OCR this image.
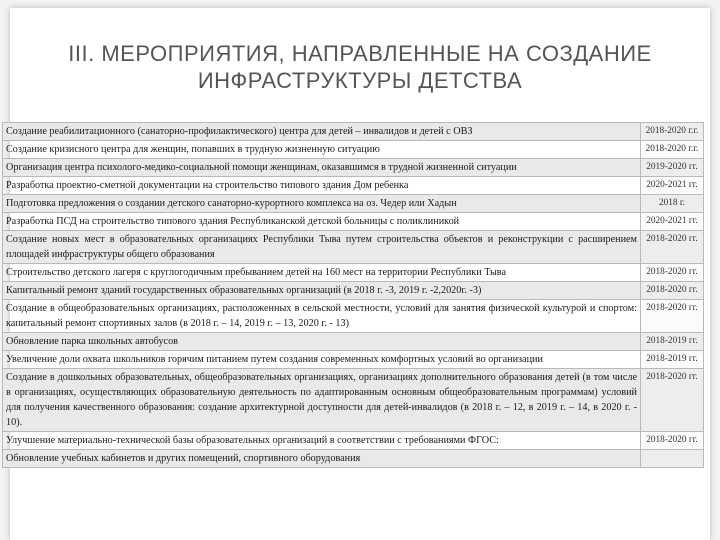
III. МЕРОПРИЯТИЯ, НАПРАВЛЕННЫЕ НА СОЗДАНИЕ
ИНФРАСТРУКТУРЫ ДЕТСТВА
Создание реабилитационного (санаторно-профилактического) центра для детей – инвалидов и детей с ОВЗ	2018-2020 г.г.
Создание кризисного центра для женщин, попавших в трудную жизненную ситуацию	2018-2020 г.г.
Организация центра психолого-медико-социальной помощи женщинам, оказавшимся в трудной жизненной ситуации	2019-2020 гг.
Разработка проектно-сметной документации на строительство типового здания Дом ребенка	2020-2021 гг.
Подготовка предложения о создании детского санаторно-курортного комплекса на оз. Чедер или Хадын	2018 г.
Разработка ПСД на строительство типового здания Республиканской детской больницы с поликлиникой	2020-2021 гг.
Создание новых мест в образовательных организациях Республики Тыва путем строительства объектов и реконструкции с расширением площадей инфраструктуры общего образования	2018-2020 гг.
Строительство детского лагеря с круглогодичным пребыванием детей на 160 мест на территории Республики Тыва	2018-2020 гг.
Капитальный ремонт зданий государственных образовательных организаций (в 2018 г. -3, 2019 г. -2,2020г. -3)	2018-2020 гг.
Создание в общеобразовательных организациях, расположенных в сельской местности, условий для занятия физической культурой и спортом: капитальный ремонт спортивных залов (в 2018 г. – 14, 2019 г. – 13, 2020 г. - 13)	2018-2020 гг.
Обновление парка школьных автобусов	2018-2019 гг.
Увеличение доли охвата школьников горячим питанием путем создания современных комфортных условий во организации	2018-2019 гг.
Создание в дошкольных образовательных, общеобразовательных организациях, организациях дополнительного образования детей (в том числе в организациях, осуществляющих образовательную деятельность по адаптированным основным общеобразовательным программам) условий для получения качественного образования: создание архитектурной доступности для детей-инвалидов (в 2018 г. – 12, в 2019 г. – 14, в 2020 г. - 10).	2018-2020 гг.
Улучшение материально-технической базы образовательных организаций в соответствии с требованиями ФГОС:	2018-2020 гг.
Обновление учебных кабинетов и других помещений, спортивного оборудования	
